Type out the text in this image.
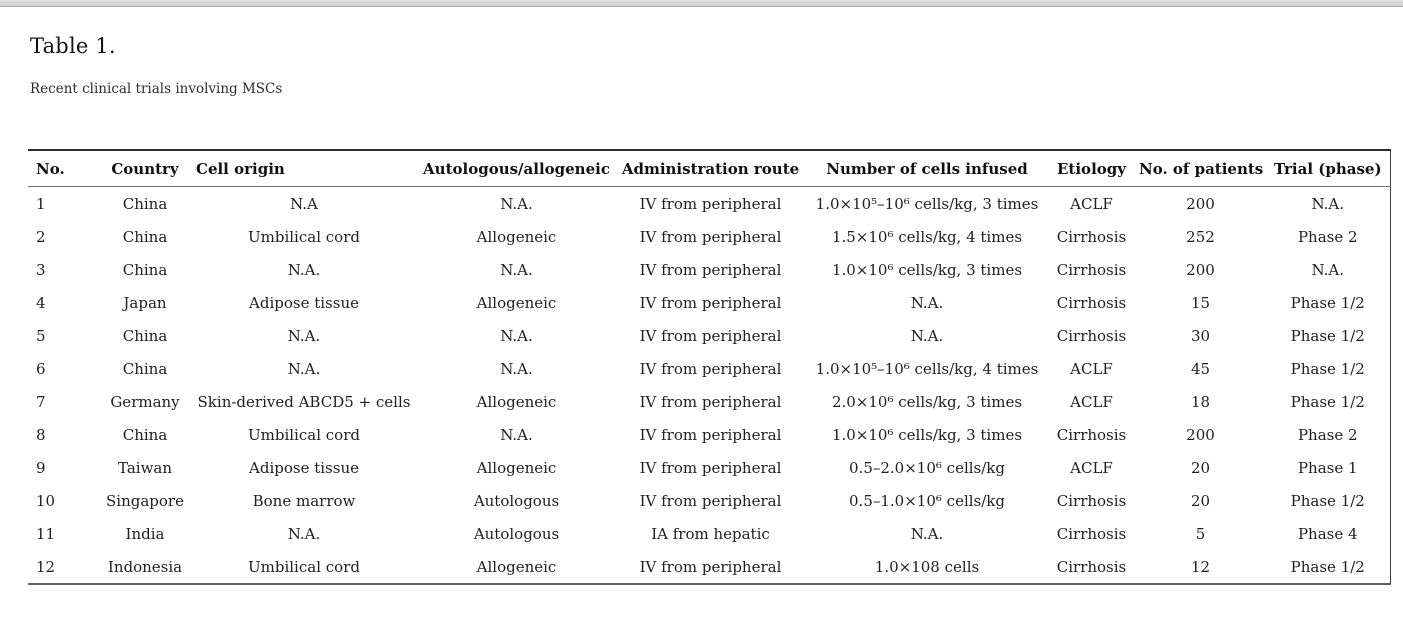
Table 1.
Recent clinical trials involving MSCs
No.	Country	Cell origin	Autologous/allogeneic	Administration route	Number of cells infused	Etiology	No. of patients	Trial (phase)
1	China	N.A	N.A.	IV from peripheral	1.0×10⁵–10⁶ cells/kg, 3 times	ACLF	200	N.A.
2	China	Umbilical cord	Allogeneic	IV from peripheral	1.5×10⁶ cells/kg, 4 times	Cirrhosis	252	Phase 2
3	China	N.A.	N.A.	IV from peripheral	1.0×10⁶ cells/kg, 3 times	Cirrhosis	200	N.A.
4	Japan	Adipose tissue	Allogeneic	IV from peripheral	N.A.	Cirrhosis	15	Phase 1/2
5	China	N.A.	N.A.	IV from peripheral	N.A.	Cirrhosis	30	Phase 1/2
6	China	N.A.	N.A.	IV from peripheral	1.0×10⁵–10⁶ cells/kg, 4 times	ACLF	45	Phase 1/2
7	Germany	Skin-derived ABCD5 + cells	Allogeneic	IV from peripheral	2.0×10⁶ cells/kg, 3 times	ACLF	18	Phase 1/2
8	China	Umbilical cord	N.A.	IV from peripheral	1.0×10⁶ cells/kg, 3 times	Cirrhosis	200	Phase 2
9	Taiwan	Adipose tissue	Allogeneic	IV from peripheral	0.5–2.0×10⁶ cells/kg	ACLF	20	Phase 1
10	Singapore	Bone marrow	Autologous	IV from peripheral	0.5–1.0×10⁶ cells/kg	Cirrhosis	20	Phase 1/2
11	India	N.A.	Autologous	IA from hepatic	N.A.	Cirrhosis	5	Phase 4
12	Indonesia	Umbilical cord	Allogeneic	IV from peripheral	1.0×108 cells	Cirrhosis	12	Phase 1/2
